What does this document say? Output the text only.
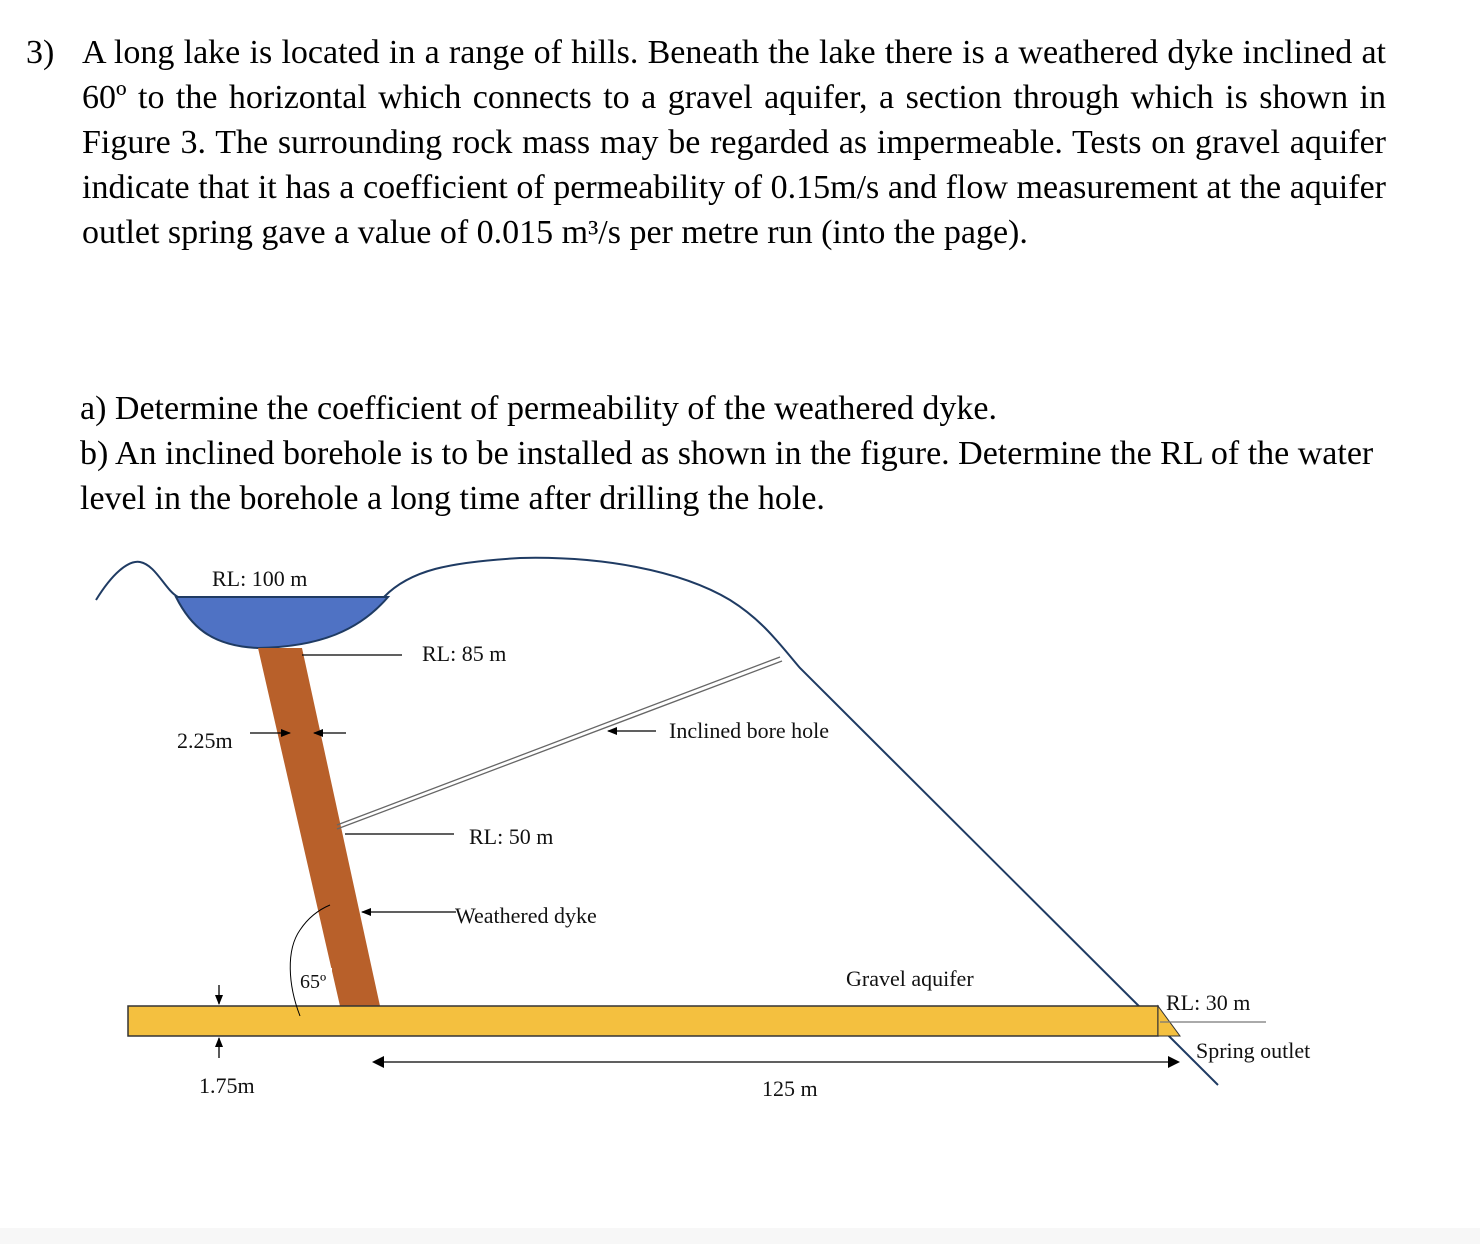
3) A long lake is located in a range of hills. Beneath the lake there is a weathered dyke inclined at 60º to the horizontal which connects to a gravel aquifer, a section through which is shown in Figure 3. The surrounding rock mass may be regarded as impermeable. Tests on gravel aquifer indicate that it has a coefficient of permeability of 0.15m/s and flow measurement at the aquifer outlet spring gave a value of 0.015 m³/s per metre run (into the page).
a) Determine the coefficient of permeability of the weathered dyke.
b) An inclined borehole is to be installed as shown in the figure. Determine the RL of the water level in the borehole a long time after drilling the hole.
RL: 100 m
RL: 85 m
2.25m	Inclined bore hole
RL: 50 m
Weathered dyke
65º	Gravel aquifer
RL: 30 m
Spring outlet
1.75m	125 m
